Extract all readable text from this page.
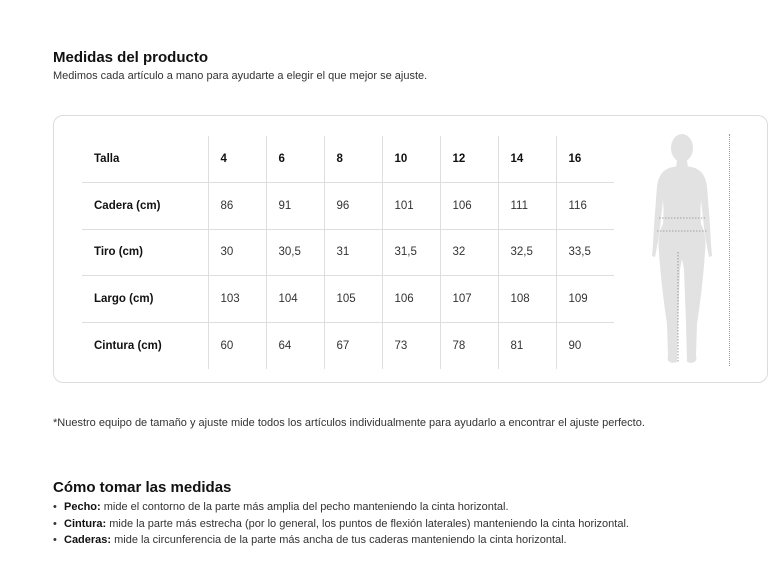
Medidas del producto
Medimos cada artículo a mano para ayudarte a elegir el que mejor se ajuste.
Talla	4	6	8	10	12	14	16
Cadera (cm)	86	91	96	101	106	111	116
Tiro (cm)	30	30,5	31	31,5	32	32,5	33,5
Largo (cm)	103	104	105	106	107	108	109
Cintura (cm)	60	64	67	73	78	81	90
*Nuestro equipo de tamaño y ajuste mide todos los artículos individualmente para ayudarlo a encontrar el ajuste perfecto.
Cómo tomar las medidas
• Pecho: mide el contorno de la parte más amplia del pecho manteniendo la cinta horizontal.
• Cintura: mide la parte más estrecha (por lo general, los puntos de flexión laterales) manteniendo la cinta horizontal.
• Caderas: mide la circunferencia de la parte más ancha de tus caderas manteniendo la cinta horizontal.
